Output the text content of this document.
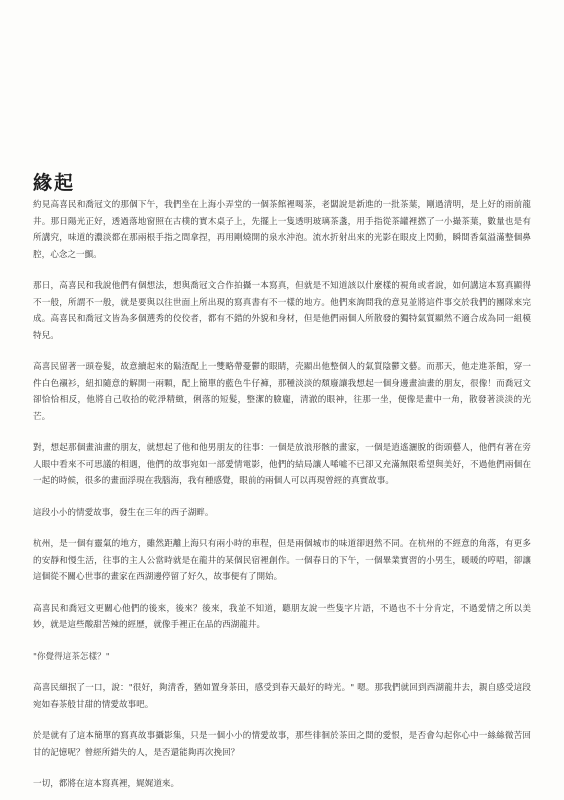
緣起

約見高喜民和喬冠文的那個下午，我們坐在上海小弄堂的一個茶館裡喝茶，老闆說是新進的一批茶葉，剛過清明，是上好的雨前龍井。那日陽光正好，透過落地窗照在古樸的實木桌子上，先擺上一隻透明玻璃茶盞，用手指從茶罐裡撚了一小撮茶葉，數量也是有所講究，味道的濃淡都在那兩根手指之間拿捏，再用剛燒開的泉水沖泡。流水折射出來的光影在眼皮上閃動，瞬間香氣溢滿整個鼻腔，心念之一顫。

那日，高喜民和我說他們有個想法，想與喬冠文合作拍攝一本寫真，但就是不知道該以什麼樣的視角或者說，如何講這本寫真顯得不一般，所謂不一般，就是要與以往世面上所出現的寫真書有不一樣的地方。他們來詢問我的意見並將這件事交於我們的團隊來完成。高喜民和喬冠文皆為多個選秀的佼佼者，都有不錯的外貌和身材，但是他們兩個人所散發的獨特氣質顯然不適合成為同一組模特兒。

高喜民留著一頭卷髮，故意續起來的鬍渣配上一雙略帶憂鬱的眼睛，壳顯出他整個人的氣質陰鬱文藝。而那天，他走進茶館，穿一件白色襯衫，紐扣隨意的解開一兩顆，配上簡單的藍色牛仔褲，那種淡淡的頹廢讓我想起一個身邊畫油畫的朋友，很像！而喬冠文卻恰恰相反，他將自己收拾的乾淨精緻，俐落的短髮，整潔的臉龐，清澈的眼神，往那一坐，便像是畫中一角，散發著淡淡的光芒。

對，想起那個畫油畫的朋友，就想起了他和他男朋友的往事：一個是放浪形骸的畫家，一個是逍遙灑脫的街頭藝人，他們有著在旁人眼中看來不可思議的相遇，他們的故事宛如一部愛情電影，他們的結局讓人唏噓不已卻又充滿無限希望與美好，不過他們兩個在一起的時候，很多的畫面浮現在我腦海，我有種感覺，眼前的兩個人可以再現曾經的真實故事。

這段小小的情愛故事，發生在三年的西子湖畔。

杭州，是一個有靈氣的地方，雖然距離上海只有兩小時的車程，但是兩個城市的味道卻迥然不同。在杭州的不經意的角落，有更多的安靜和慢生活，往事的主人公當時就是在龍井的某個民宿裡創作。一個春日的下午，一個畢業實習的小男生，暖暖的哼唱，卻讓這個從不關心世事的畫家在西湖邊停留了好久，故事便有了開始。

高喜民和喬冠文更關心他們的後來，後來？後來，我並不知道，聽朋友說一些隻字片語，不過也不十分肯定，不過愛情之所以美妙，就是這些酸甜苦辣的經歷，就像手裡正在品的西湖龍井。

"你覺得這茶怎樣？"

高喜民細抿了一口，說："很好，夠清香，猶如置身茶田，感受到春天最好的時光。" 嗯。那我們就回到西湖龍井去，親自感受這段宛如春茶般甘甜的情愛故事吧。

於是就有了這本簡單的寫真故事攝影集，只是一個小小的情愛故事，那些徘徊於茶田之間的愛恨，是否會勾起你心中一絲絲微苦回甘的記憶呢？曾經所錯失的人，是否還能夠再次挽回？

一切，都將在這本寫真裡，娓娓道來。
